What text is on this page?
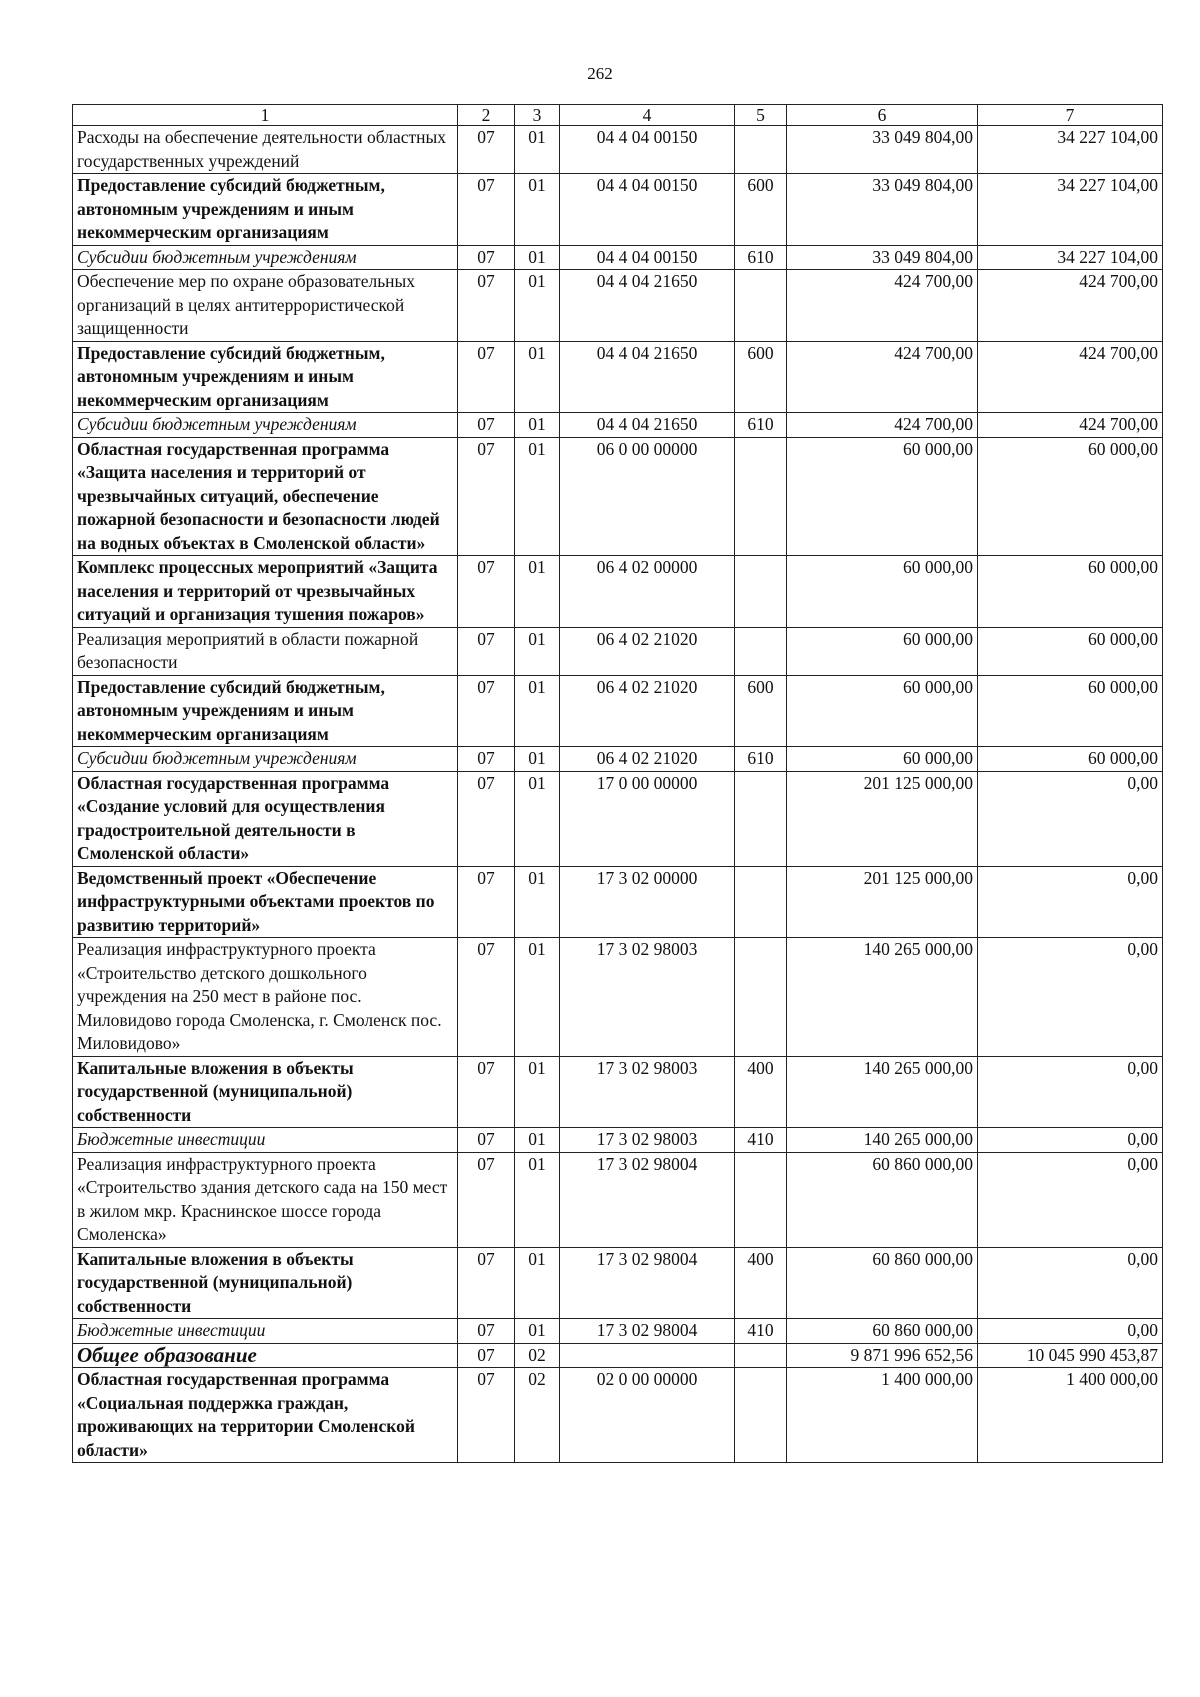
262
1	2	3	4	5	6	7
Расходы на обеспечение деятельности областных государственных учреждений	07	01	04 4 04 00150		33 049 804,00	34 227 104,00
Предоставление субсидий бюджетным, автономным учреждениям и иным некоммерческим организациям	07	01	04 4 04 00150	600	33 049 804,00	34 227 104,00
Субсидии бюджетным учреждениям	07	01	04 4 04 00150	610	33 049 804,00	34 227 104,00
Обеспечение мер по охране образовательных организаций в целях антитеррористической защищенности	07	01	04 4 04 21650		424 700,00	424 700,00
Предоставление субсидий бюджетным, автономным учреждениям и иным некоммерческим организациям	07	01	04 4 04 21650	600	424 700,00	424 700,00
Субсидии бюджетным учреждениям	07	01	04 4 04 21650	610	424 700,00	424 700,00
Областная государственная программа «Защита населения и территорий от чрезвычайных ситуаций, обеспечение пожарной безопасности и безопасности людей на водных объектах в Смоленской области»	07	01	06 0 00 00000		60 000,00	60 000,00
Комплекс процессных мероприятий «Защита населения и территорий от чрезвычайных ситуаций и организация тушения пожаров»	07	01	06 4 02 00000		60 000,00	60 000,00
Реализация мероприятий в области пожарной безопасности	07	01	06 4 02 21020		60 000,00	60 000,00
Предоставление субсидий бюджетным, автономным учреждениям и иным некоммерческим организациям	07	01	06 4 02 21020	600	60 000,00	60 000,00
Субсидии бюджетным учреждениям	07	01	06 4 02 21020	610	60 000,00	60 000,00
Областная государственная программа «Создание условий для осуществления градостроительной деятельности в Смоленской области»	07	01	17 0 00 00000		201 125 000,00	0,00
Ведомственный проект «Обеспечение инфраструктурными объектами проектов по развитию территорий»	07	01	17 3 02 00000		201 125 000,00	0,00
Реализация инфраструктурного проекта «Строительство детского дошкольного учреждения на 250 мест в районе пос. Миловидово города Смоленска, г. Смоленск пос. Миловидово»	07	01	17 3 02 98003		140 265 000,00	0,00
Капитальные вложения в объекты государственной (муниципальной) собственности	07	01	17 3 02 98003	400	140 265 000,00	0,00
Бюджетные инвестиции	07	01	17 3 02 98003	410	140 265 000,00	0,00
Реализация инфраструктурного проекта «Строительство здания детского сада на 150 мест в жилом мкр. Краснинское шоссе города Смоленска»	07	01	17 3 02 98004		60 860 000,00	0,00
Капитальные вложения в объекты государственной (муниципальной) собственности	07	01	17 3 02 98004	400	60 860 000,00	0,00
Бюджетные инвестиции	07	01	17 3 02 98004	410	60 860 000,00	0,00
Общее образование	07	02			9 871 996 652,56	10 045 990 453,87
Областная государственная программа «Социальная поддержка граждан, проживающих на территории Смоленской области»	07	02	02 0 00 00000		1 400 000,00	1 400 000,00
